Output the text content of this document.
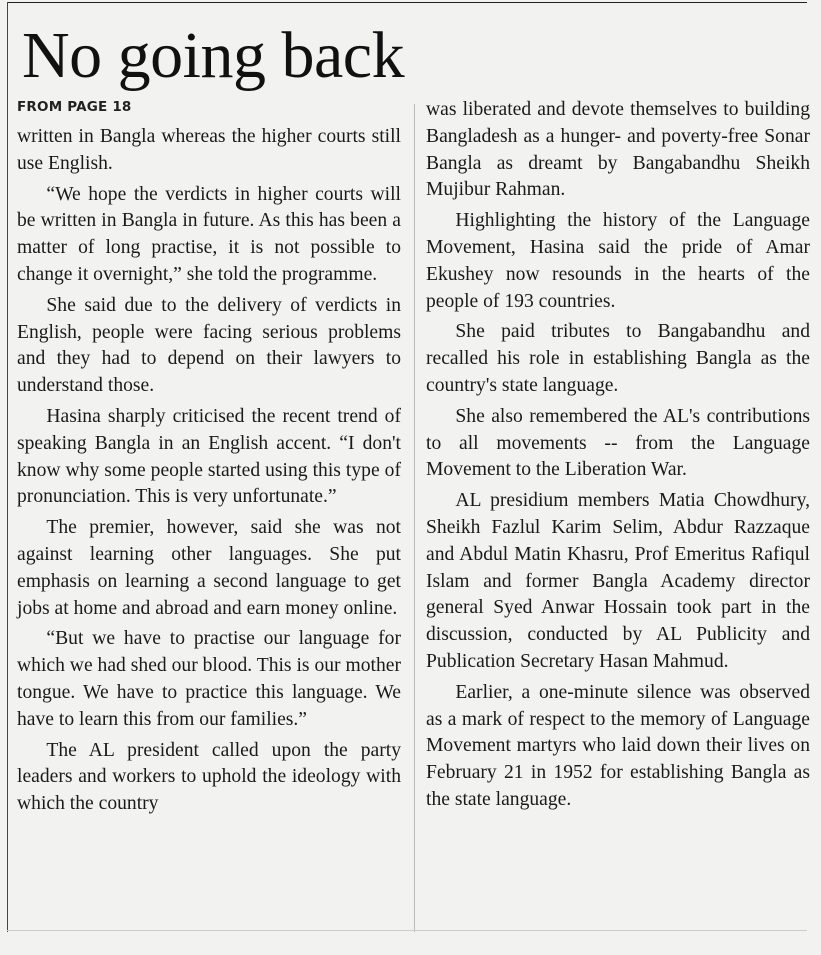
No going back
FROM PAGE 18

written in Bangla whereas the higher courts still use English.

“We hope the verdicts in higher courts will be written in Bangla in future. As this has been a matter of long practise, it is not possible to change it overnight,” she told the programme.

She said due to the delivery of verdicts in English, people were facing serious problems and they had to depend on their lawyers to understand those.

Hasina sharply criticised the recent trend of speaking Bangla in an English accent. “I don't know why some people started using this type of pronunciation. This is very unfortunate.”

The premier, however, said she was not against learning other languages. She put emphasis on learning a second language to get jobs at home and abroad and earn money online.

“But we have to practise our language for which we had shed our blood. This is our mother tongue. We have to practice this language. We have to learn this from our families.”

The AL president called upon the party leaders and workers to uphold the ideology with which the country

was liberated and devote themselves to building Bangladesh as a hunger- and poverty-free Sonar Bangla as dreamt by Bangabandhu Sheikh Mujibur Rahman.

Highlighting the history of the Language Movement, Hasina said the pride of Amar Ekushey now resounds in the hearts of the people of 193 countries.

She paid tributes to Bangabandhu and recalled his role in establishing Bangla as the country's state language.

She also remembered the AL's contributions to all movements -- from the Language Movement to the Liberation War.

AL presidium members Matia Chowdhury, Sheikh Fazlul Karim Selim, Abdur Razzaque and Abdul Matin Khasru, Prof Emeritus Rafiqul Islam and former Bangla Academy director general Syed Anwar Hossain took part in the discussion, conducted by AL Publicity and Publication Secretary Hasan Mahmud.

Earlier, a one-minute silence was observed as a mark of respect to the memory of Language Movement martyrs who laid down their lives on February 21 in 1952 for establishing Bangla as the state language.
